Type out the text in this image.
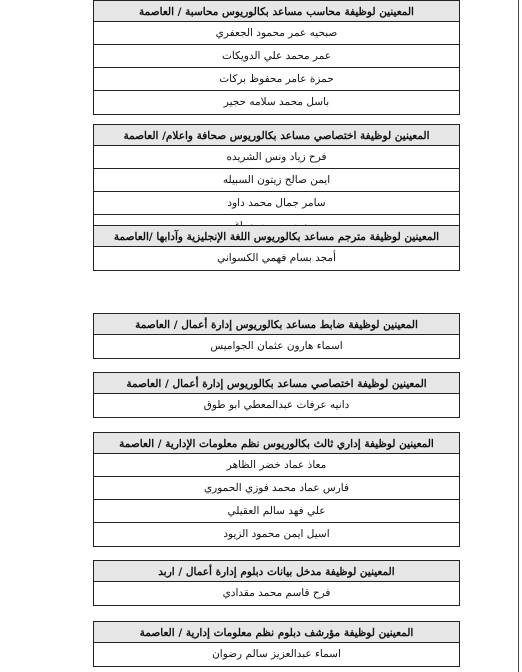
المعينين لوظيفة محاسب مساعد بكالوريوس محاسبة / العاصمة
صبحيه عمر محمود الجعفري
عمر محمد علي الدويكات
حمزة عامر محفوظ بركات
باسل محمد سلامه حجير
المعينين لوظيفة اختصاصي مساعد بكالوريوس صحافة واعلام/ العاصمة
فرح زياد ونس الشريده
ايمن صالح زيتون السبيله
سامر جمال محمد داود
المعينين لوظيفة مترجم مساعد بكالوريوس اللغة الإنجليزية وآدابها /العاصمة
أمجد بسام فهمي الكسواني
المعينين لوظيفة ضابط مساعد بكالوريوس إدارة أعمال / العاصمة
اسماء هارون عثمان الجواميس
المعينين لوظيفة اختصاصي مساعد بكالوريوس إدارة أعمال / العاصمة
دانيه عرفات عبدالمعطي ابو طوق
المعينين لوظيفة إداري ثالث بكالوريوس نظم معلومات الإدارية / العاصمة
معاذ عماد خضر الظاهر
فارس عماد محمد فوزي الحموري
علي فهد سالم العقيلي
اسيل ايمن محمود الزيود
المعينين لوظيفة مدخل بيانات دبلوم إدارة أعمال / اربد
فرح قاسم محمد مقدادي
المعينين لوظيفة مؤرشف دبلوم نظم معلومات إدارية / العاصمة
اسماء عبدالعزيز سالم رضوان
